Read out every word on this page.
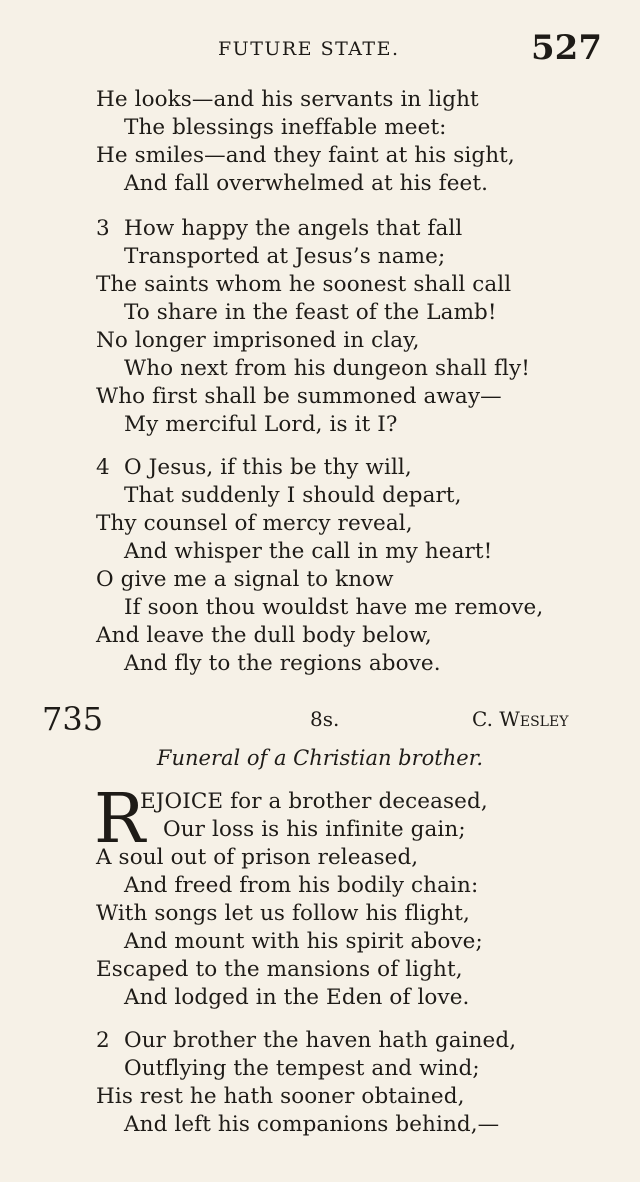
FUTURE STATE.	527
He looks—and his servants in light
The blessings ineffable meet:
He smiles—and they faint at his sight,
And fall overwhelmed at his feet.
3 How happy the angels that fall
Transported at Jesus’s name;
The saints whom he soonest shall call
To share in the feast of the Lamb!
No longer imprisoned in clay,
Who next from his dungeon shall fly!
Who first shall be summoned away—
My merciful Lord, is it I?
4 O Jesus, if this be thy will,
That suddenly I should depart,
Thy counsel of mercy reveal,
And whisper the call in my heart!
O give me a signal to know
If soon thou wouldst have me remove,
And leave the dull body below,
And fly to the regions above.
735	8s.	C. Wesley
Funeral of a Christian brother.
R
EJOICE for a brother deceased,
Our loss is his infinite gain;
A soul out of prison released,
And freed from his bodily chain:
With songs let us follow his flight,
And mount with his spirit above;
Escaped to the mansions of light,
And lodged in the Eden of love.
2 Our brother the haven hath gained,
Outflying the tempest and wind;
His rest he hath sooner obtained,
And left his companions behind,—
